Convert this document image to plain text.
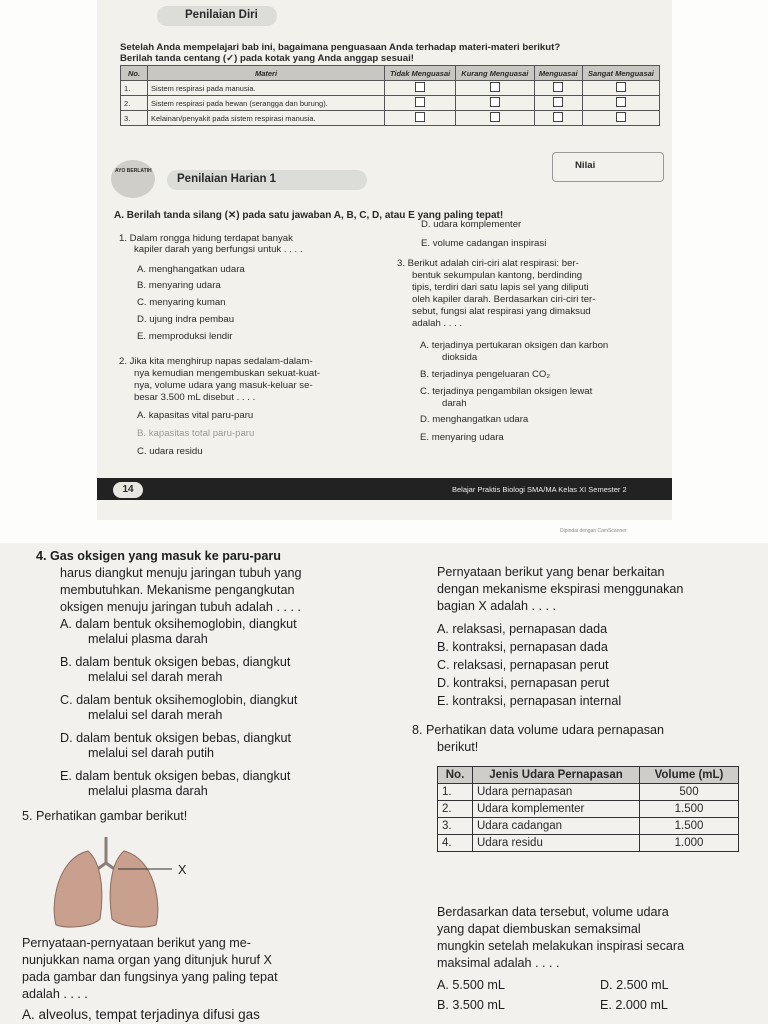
Penilaian Diri
Setelah Anda mempelajari bab ini, bagaimana penguasaan Anda terhadap materi-materi berikut?
Berilah tanda centang (✓) pada kotak yang Anda anggap sesuai!
No.	Materi	Tidak Menguasai	Kurang Menguasai	Menguasai	Sangat Menguasai
1.	Sistem respirasi pada manusia.				
2.	Sistem respirasi pada hewan (serangga dan burung).				
3.	Kelainan/penyakit pada sistem respirasi manusia.				
Nilai
AYO BERLATIH
Penilaian Harian 1
A. Berilah tanda silang (✕) pada satu jawaban A, B, C, D, atau E yang paling tepat!
1. Dalam rongga hidung terdapat banyak
kapiler darah yang berfungsi untuk . . . .
A. menghangatkan udara
B. menyaring udara
C. menyaring kuman
D. ujung indra pembau
E. memproduksi lendir
2. Jika kita menghirup napas sedalam-dalam-
nya kemudian mengembuskan sekuat-kuat-
nya, volume udara yang masuk-keluar se-
besar 3.500 mL disebut . . . .
A. kapasitas vital paru-paru
B. kapasitas total paru-paru
C. udara residu
D. udara komplementer
E. volume cadangan inspirasi
3. Berikut adalah ciri-ciri alat respirasi: ber-
bentuk sekumpulan kantong, berdinding
tipis, terdiri dari satu lapis sel yang diliputi
oleh kapiler darah. Berdasarkan ciri-ciri ter-
sebut, fungsi alat respirasi yang dimaksud
adalah . . . .
A. terjadinya pertukaran oksigen dan karbon
dioksida
B. terjadinya pengeluaran CO₂
C. terjadinya pengambilan oksigen lewat
darah
D. menghangatkan udara
E. menyaring udara
14	Belajar Praktis Biologi SMA/MA Kelas XI Semester 2
Dipindai dengan CamScanner
4. Gas oksigen yang masuk ke paru-paru
harus diangkut menuju jaringan tubuh yang
membutuhkan. Mekanisme pengangkutan
oksigen menuju jaringan tubuh adalah . . . .
A. dalam bentuk oksihemoglobin, diangkut
melalui plasma darah
B. dalam bentuk oksigen bebas, diangkut
melalui sel darah merah
C. dalam bentuk oksihemoglobin, diangkut
melalui sel darah merah
D. dalam bentuk oksigen bebas, diangkut
melalui sel darah putih
E. dalam bentuk oksigen bebas, diangkut
melalui plasma darah
5. Perhatikan gambar berikut!
X
Pernyataan-pernyataan berikut yang me-
nunjukkan nama organ yang ditunjuk huruf X
pada gambar dan fungsinya yang paling tepat
adalah . . . .
A. alveolus, tempat terjadinya difusi gas
Pernyataan berikut yang benar berkaitan
dengan mekanisme ekspirasi menggunakan
bagian X adalah . . . .
A. relaksasi, pernapasan dada
B. kontraksi, pernapasan dada
C. relaksasi, pernapasan perut
D. kontraksi, pernapasan perut
E. kontraksi, pernapasan internal
8. Perhatikan data volume udara pernapasan
berikut!
No.	Jenis Udara Pernapasan	Volume (mL)
1.	Udara pernapasan	500
2.	Udara komplementer	1.500
3.	Udara cadangan	1.500
4.	Udara residu	1.000
Berdasarkan data tersebut, volume udara
yang dapat diembuskan semaksimal
mungkin setelah melakukan inspirasi secara
maksimal adalah . . . .
A. 5.500 mL	D. 2.500 mL
B. 3.500 mL	E. 2.000 mL
